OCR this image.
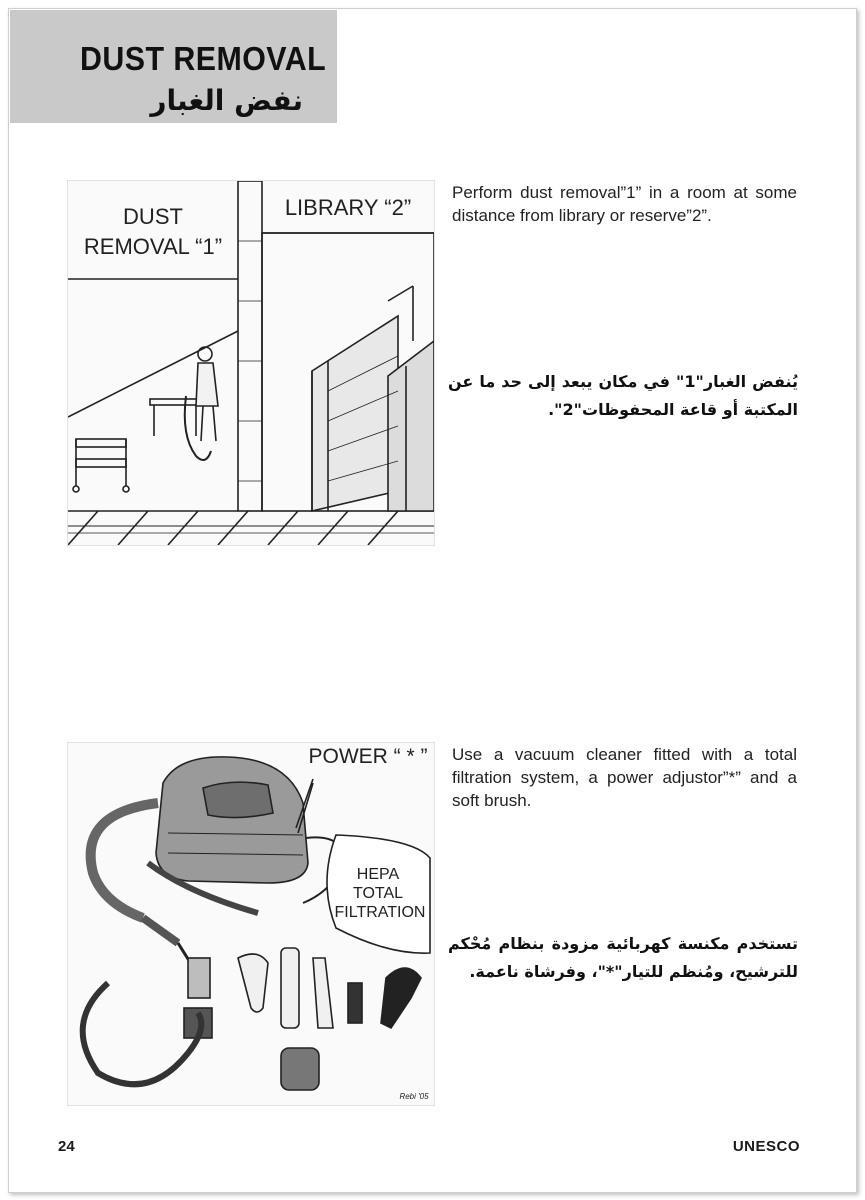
DUST REMOVAL
نفض الغبار
DUST
REMOVAL “1”
LIBRARY “2”
Perform dust removal”1” in a room at some distance from library or reserve”2”.
يُنفض الغبار"1" في مكان يبعد إلى حد ما عن المكتبة أو قاعة المحفوظات"2".
POWER “ * ”
HEPA
TOTAL
FILTRATION
Rebi '05
Use a vacuum cleaner fitted with a total filtration system, a power adjustor”*” and a soft brush.
تستخدم مكنسة كهربائية مزودة بنظام مُحْكم للترشيح، ومُنظم للتيار"*"، وفرشاة ناعمة.
24	UNESCO
